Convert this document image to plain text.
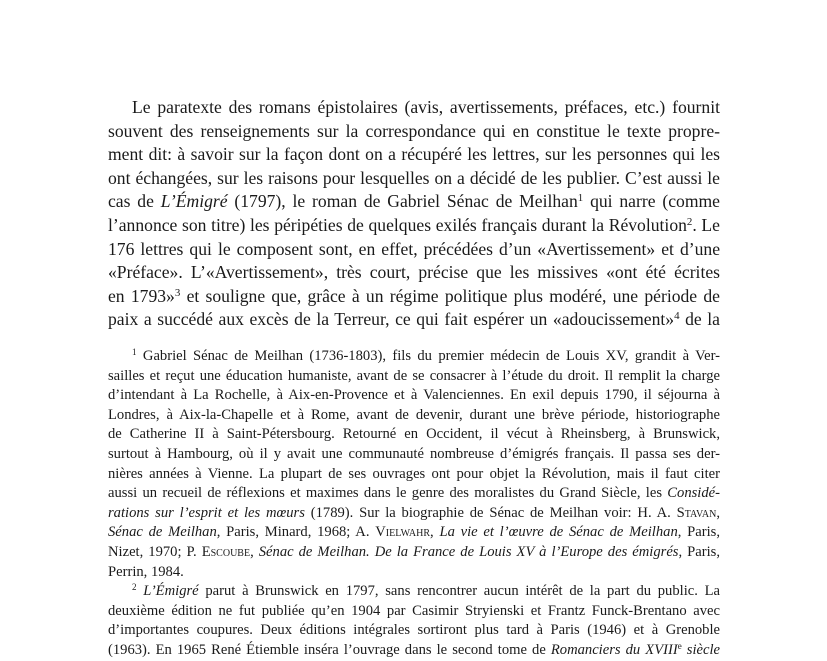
Le paratexte des romans épistolaires (avis, avertissements, préfaces, etc.) fournit
souvent des renseignements sur la correspondance qui en constitue le texte propre-
ment dit: à savoir sur la façon dont on a récupéré les lettres, sur les personnes qui les
ont échangées, sur les raisons pour lesquelles on a décidé de les publier. C’est aussi le
cas de L’Émigré (1797), le roman de Gabriel Sénac de Meilhan$^1$ qui narre (comme
l’annonce son titre) les péripéties de quelques exilés français durant la Révolution$^2$. Le
176 lettres qui le composent sont, en effet, précédées d’un «Avertissement» et d’une
«Préface». L’«Avertissement», très court, précise que les missives «ont été écrites
en 1793»$^3$ et souligne que, grâce à un régime politique plus modéré, une période de
paix a succédé aux excès de la Terreur, ce qui fait espérer un «adoucissement»$^4$ de la
$^1$ Gabriel Sénac de Meilhan (1736-1803), fils du premier médecin de Louis XV, grandit à Ver-
sailles et reçut une éducation humaniste, avant de se consacrer à l’étude du droit. Il remplit la charge
d’intendant à La Rochelle, à Aix-en-Provence et à Valenciennes. En exil depuis 1790, il séjourna à
Londres, à Aix-la-Chapelle et à Rome, avant de devenir, durant une brève période, historiographe
de Catherine II à Saint-Pétersbourg. Retourné en Occident, il vécut à Rheinsberg, à Brunswick,
surtout à Hambourg, où il y avait une communauté nombreuse d’émigrés français. Il passa ses der-
nières années à Vienne. La plupart de ses ouvrages ont pour objet la Révolution, mais il faut citer
aussi un recueil de réflexions et maximes dans le genre des moralistes du Grand Siècle, les Considé-
rations sur l’esprit et les mœurs (1789). Sur la biographie de Sénac de Meilhan voir: H. A. Stavan,
Sénac de Meilhan, Paris, Minard, 1968; A. Vielwahr, La vie et l’œuvre de Sénac de Meilhan, Paris,
Nizet, 1970; P. Escoube, Sénac de Meilhan. De la France de Louis XV à l’Europe des émigrés, Paris,
Perrin, 1984.
$^2$ L’Émigré parut à Brunswick en 1797, sans rencontrer aucun intérêt de la part du public. La
deuxième édition ne fut publiée qu’en 1904 par Casimir Stryienski et Frantz Funck-Brentano avec
d’importantes coupures. Deux éditions intégrales sortiront plus tard à Paris (1946) et à Grenoble
(1963). En 1965 René Étiemble inséra l’ouvrage dans le second tome de Romanciers du XVIIIe siècle
